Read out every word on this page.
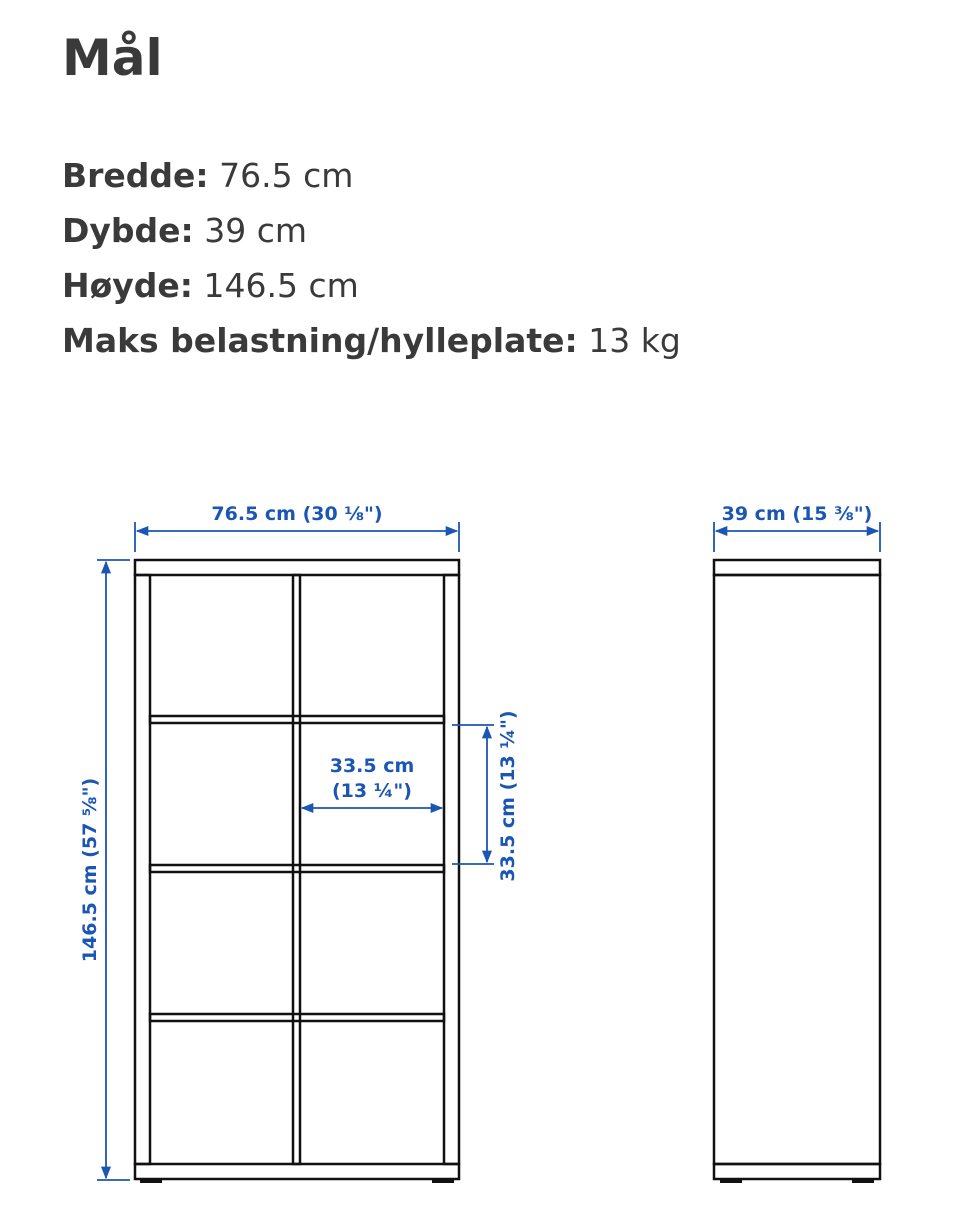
Mål
Bredde: 76.5 cm
Dybde: 39 cm
Høyde: 146.5 cm
Maks belastning/hylleplate: 13 kg
76.5 cm (30 ⅛")
146.5 cm (57 ⅝")
33.5 cm
(13 ¼")	33.5 cm (13 ¼")
39 cm (15 ⅜")
